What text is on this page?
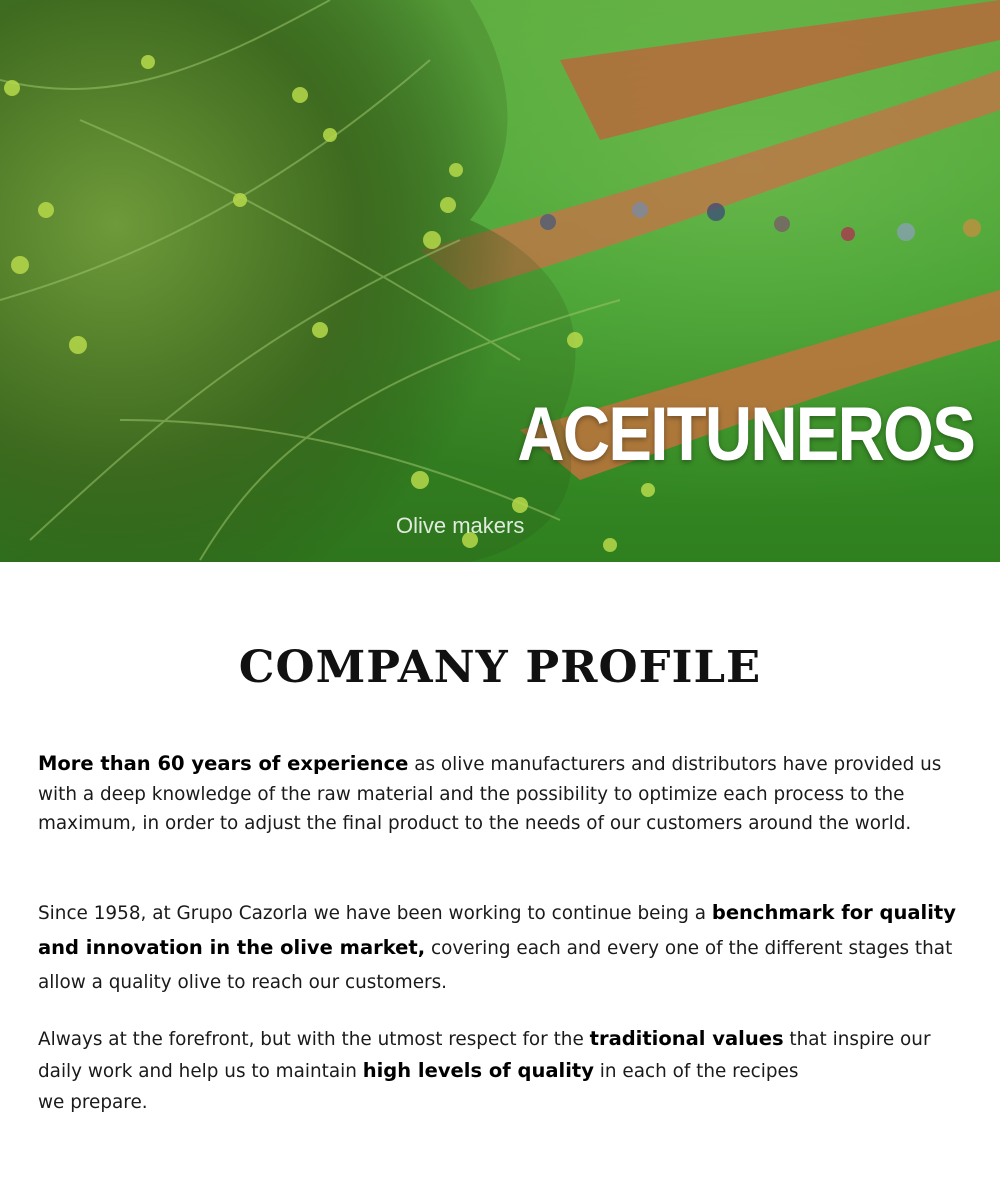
ACEITUNEROS

Olive makers

COMPANY PROFILE

More than 60 years of experience as olive manufacturers and distributors have provided us with a deep knowledge of the raw material and the possibility to optimize each process to the maximum, in order to adjust the final product to the needs of our customers around the world.

Since 1958, at Grupo Cazorla we have been working to continue being a benchmark for quality and innovation in the olive market, covering each and every one of the different stages that allow a quality olive to reach our customers.

Always at the forefront, but with the utmost respect for the traditional values that inspire our daily work and help us to maintain high levels of quality in each of the recipes
we prepare.
